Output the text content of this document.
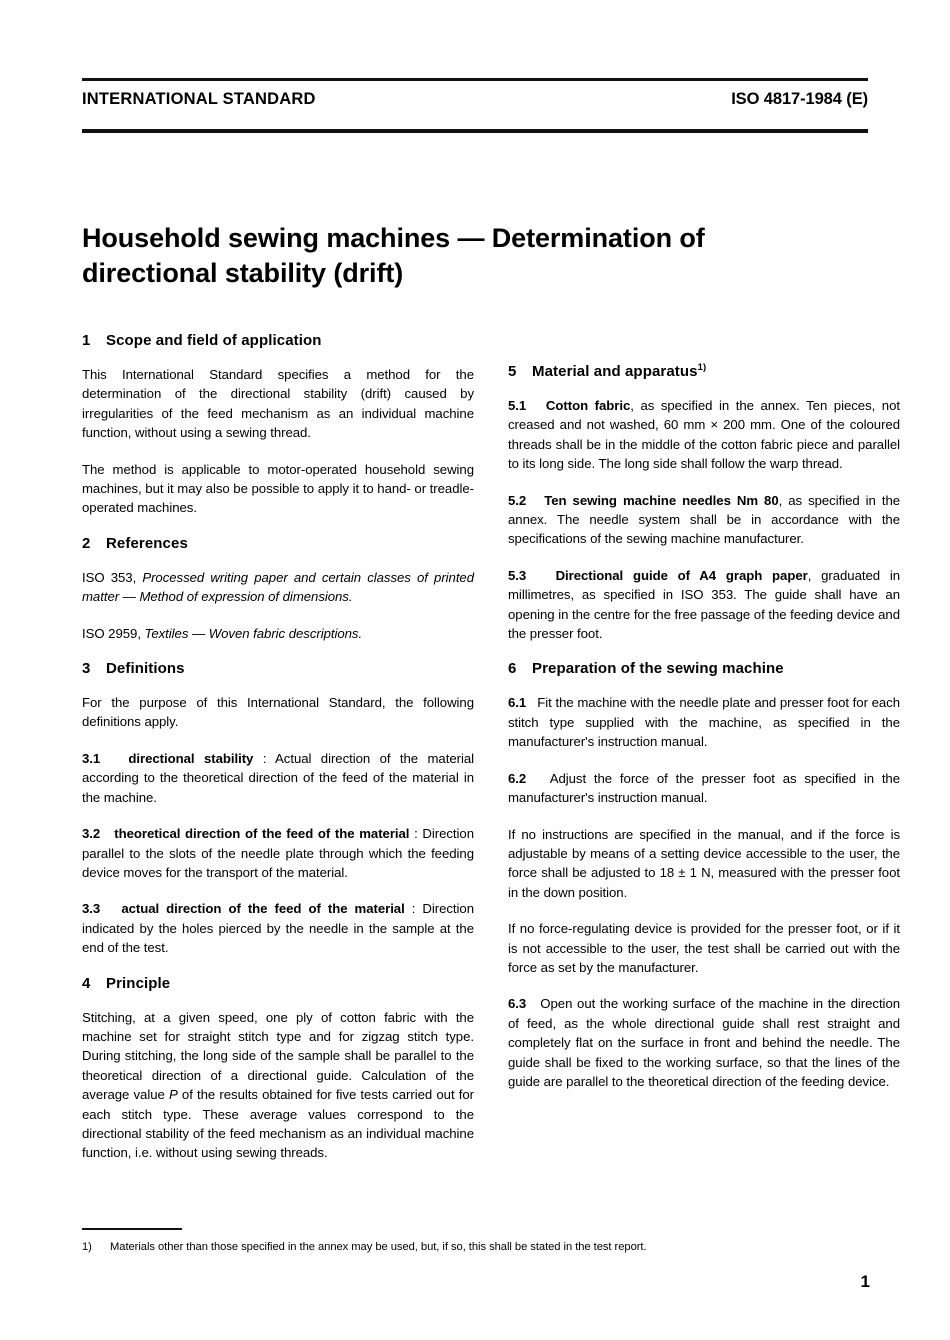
INTERNATIONAL STANDARD	ISO 4817-1984 (E)
Household sewing machines — Determination of directional stability (drift)
1 Scope and field of application

This International Standard specifies a method for the determination of the directional stability (drift) caused by irregularities of the feed mechanism as an individual machine function, without using a sewing thread.

The method is applicable to motor-operated household sewing machines, but it may also be possible to apply it to hand- or treadle-operated machines.

2 References

ISO 353, Processed writing paper and certain classes of printed matter — Method of expression of dimensions.

ISO 2959, Textiles — Woven fabric descriptions.

3 Definitions

For the purpose of this International Standard, the following definitions apply.

3.1 directional stability : Actual direction of the material according to the theoretical direction of the feed of the material in the machine.

3.2 theoretical direction of the feed of the material : Direction parallel to the slots of the needle plate through which the feeding device moves for the transport of the material.

3.3 actual direction of the feed of the material : Direction indicated by the holes pierced by the needle in the sample at the end of the test.

4 Principle

Stitching, at a given speed, one ply of cotton fabric with the machine set for straight stitch type and for zigzag stitch type. During stitching, the long side of the sample shall be parallel to the theoretical direction of a directional guide. Calculation of the average value P of the results obtained for five tests carried out for each stitch type. These average values correspond to the directional stability of the feed mechanism as an individual machine function, i.e. without using sewing threads.

5 Material and apparatus$^{1)}$

5.1 Cotton fabric, as specified in the annex. Ten pieces, not creased and not washed, 60 mm × 200 mm. One of the coloured threads shall be in the middle of the cotton fabric piece and parallel to its long side. The long side shall follow the warp thread.

5.2 Ten sewing machine needles Nm 80, as specified in the annex. The needle system shall be in accordance with the specifications of the sewing machine manufacturer.

5.3 Directional guide of A4 graph paper, graduated in millimetres, as specified in ISO 353. The guide shall have an opening in the centre for the free passage of the feeding device and the presser foot.

6 Preparation of the sewing machine

6.1 Fit the machine with the needle plate and presser foot for each stitch type supplied with the machine, as specified in the manufacturer's instruction manual.

6.2 Adjust the force of the presser foot as specified in the manufacturer's instruction manual.

If no instructions are specified in the manual, and if the force is adjustable by means of a setting device accessible to the user, the force shall be adjusted to 18 ± 1 N, measured with the presser foot in the down position.

If no force-regulating device is provided for the presser foot, or if it is not accessible to the user, the test shall be carried out with the force as set by the manufacturer.

6.3 Open out the working surface of the machine in the direction of feed, as the whole directional guide shall rest straight and completely flat on the surface in front and behind the needle. The guide shall be fixed to the working surface, so that the lines of the guide are parallel to the theoretical direction of the feeding device.

1) Materials other than those specified in the annex may be used, but, if so, this shall be stated in the test report.
1
